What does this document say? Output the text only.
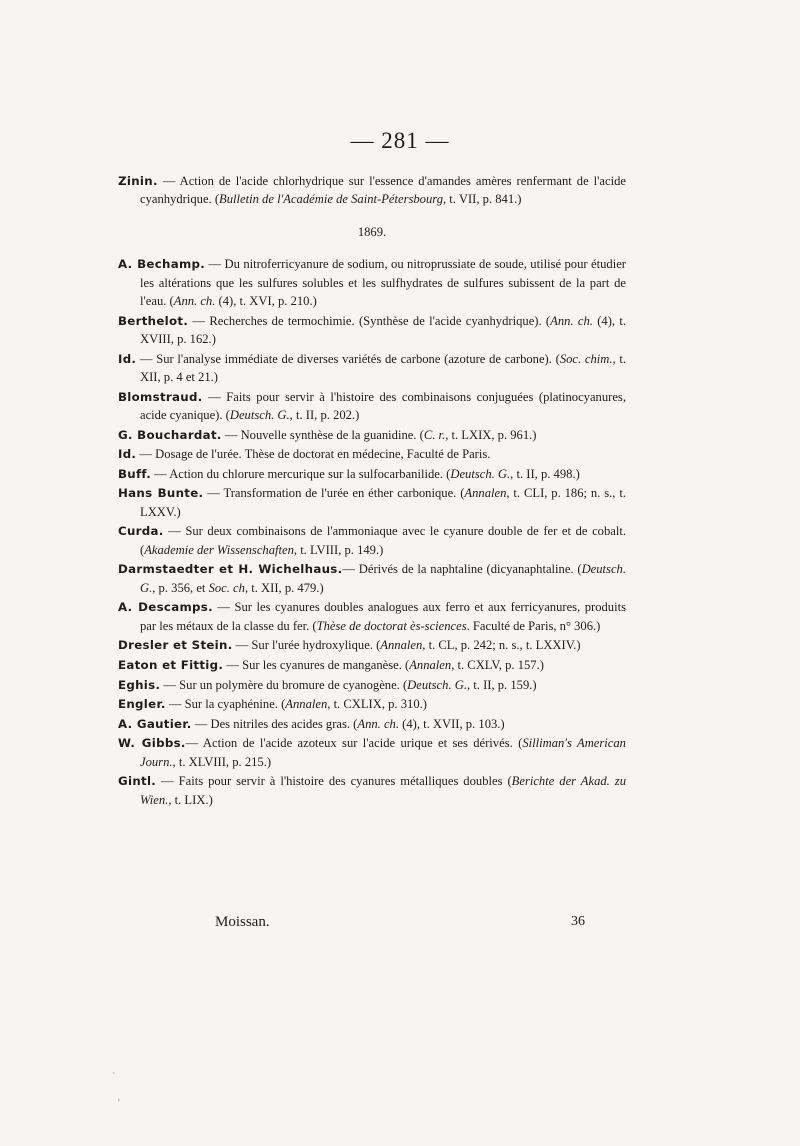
— 281 —

Zinin. — Action de l'acide chlorhydrique sur l'essence d'amandes amères renfermant de l'acide cyanhydrique. (Bulletin de l'Académie de Saint-Pétersbourg, t. VII, p. 841.)

1869.

A. Bechamp. — Du nitroferricyanure de sodium, ou nitroprussiate de soude, utilisé pour étudier les altérations que les sulfures solubles et les sulfhydrates de sulfures subissent de la part de l'eau. (Ann. ch. (4), t. XVI, p. 210.)

Berthelot. — Recherches de termochimie. (Synthèse de l'acide cyanhydrique). (Ann. ch. (4), t. XVIII, p. 162.)

Id. — Sur l'analyse immédiate de diverses variétés de carbone (azoture de carbone). (Soc. chim., t. XII, p. 4 et 21.)

Blomstraud. — Faits pour servir à l'histoire des combinaisons conjuguées (platinocyanures, acide cyanique). (Deutsch. G., t. II, p. 202.)

G. Bouchardat. — Nouvelle synthèse de la guanidine. (C. r., t. LXIX, p. 961.)

Id. — Dosage de l'urée. Thèse de doctorat en médecine, Faculté de Paris.

Buff. — Action du chlorure mercurique sur la sulfocarbanilide. (Deutsch. G., t. II, p. 498.)

Hans Bunte. — Transformation de l'urée en éther carbonique. (Annalen, t. CLI, p. 186; n. s., t. LXXV.)

Curda. — Sur deux combinaisons de l'ammoniaque avec le cyanure double de fer et de cobalt. (Akademie der Wissenschaften, t. LVIII, p. 149.)

Darmstaedter et H. Wichelhaus.— Dérivés de la naphtaline (dicyanaphtaline. (Deutsch. G., p. 356, et Soc. ch, t. XII, p. 479.)

A. Descamps. — Sur les cyanures doubles analogues aux ferro et aux ferricyanures, produits par les métaux de la classe du fer. (Thèse de doctorat ès-sciences. Faculté de Paris, n° 306.)

Dresler et Stein. — Sur l'urée hydroxylique. (Annalen, t. CL, p. 242; n. s., t. LXXIV.)

Eaton et Fittig. — Sur les cyanures de manganèse. (Annalen, t. CXLV, p. 157.)

Eghis. — Sur un polymère du bromure de cyanogène. (Deutsch. G., t. II, p. 159.)

Engler. — Sur la cyaphénine. (Annalen, t. CXLIX, p. 310.)

A. Gautier. — Des nitriles des acides gras. (Ann. ch. (4), t. XVII, p. 103.)

W. Gibbs.— Action de l'acide azoteux sur l'acide urique et ses dérivés. (Silliman's American Journ., t. XLVIII, p. 215.)

Gintl. — Faits pour servir à l'histoire des cyanures métalliques doubles (Berichte der Akad. zu Wien., t. LIX.)

Moissan.	36
`
'
